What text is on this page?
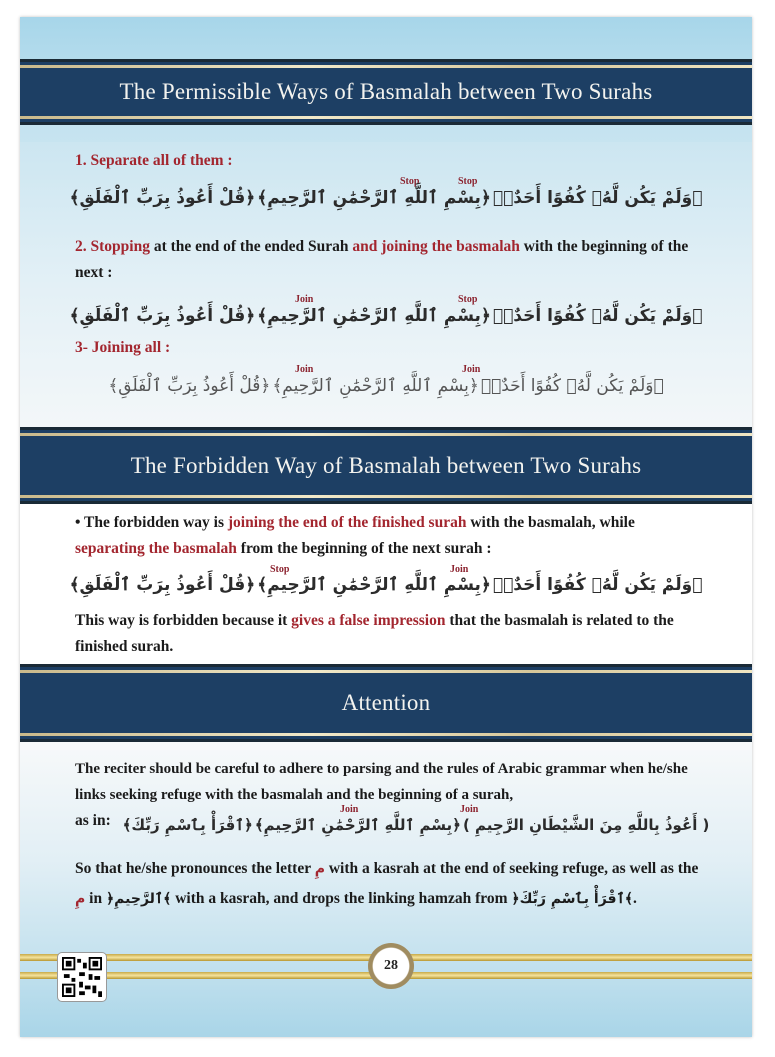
The Permissible Ways of Basmalah between Two Surahs
1. Separate all of them :
Stop	Stop
﴿وَلَمْ يَكُن لَّهُۥ كُفُوًا أَحَدٌۢ﴾﴿بِسْمِ ٱللَّهِ ٱلرَّحْمَٰنِ ٱلرَّحِيمِ﴾﴿قُلْ أَعُوذُ بِرَبِّ ٱلْفَلَقِ﴾
2. Stopping at the end of the ended Surah and joining the basmalah with the beginning of the next :
Join	Stop
﴿وَلَمْ يَكُن لَّهُۥ كُفُوًا أَحَدٌۢ﴾﴿بِسْمِ ٱللَّهِ ٱلرَّحْمَٰنِ ٱلرَّحِيمِ﴾﴿قُلْ أَعُوذُ بِرَبِّ ٱلْفَلَقِ﴾
3- Joining all :
Join	Join
﴿وَلَمْ يَكُن لَّهُۥ كُفُوًا أَحَدٌۢ﴾﴿بِسْمِ ٱللَّهِ ٱلرَّحْمَٰنِ ٱلرَّحِيمِ﴾﴿قُلْ أَعُوذُ بِرَبِّ ٱلْفَلَقِ﴾
The Forbidden Way of Basmalah between Two Surahs
• The forbidden way is joining the end of the finished surah with the basmalah, while separating the basmalah from the beginning of the next surah :
Stop	Join
﴿وَلَمْ يَكُن لَّهُۥ كُفُوًا أَحَدٌۢ﴾﴿بِسْمِ ٱللَّهِ ٱلرَّحْمَٰنِ ٱلرَّحِيمِ﴾﴿قُلْ أَعُوذُ بِرَبِّ ٱلْفَلَقِ﴾
This way is forbidden because it gives a false impression that the basmalah is related to the finished surah.
Attention
The reciter should be careful to adhere to parsing and the rules of Arabic grammar when he/she links seeking refuge with the basmalah and the beginning of a surah,
as in:
Join	Join
( أَعُوذُ بِاللَّهِ مِنَ الشَّيْطَانِ الرَّجِيمِ )﴿بِسْمِ ٱللَّهِ ٱلرَّحْمَٰنِ ٱلرَّحِيمِ﴾﴿ٱقْرَأْ بِٱسْمِ رَبِّكَ﴾
So that he/she pronounces the letter مِ with a kasrah at the end of seeking refuge, as well as the مِ in ﴿ٱلرَّحِيمِ﴾ with a kasrah, and drops the linking hamzah from ﴿ٱقْرَأْ بِٱسْمِ رَبِّكَ﴾.
28
